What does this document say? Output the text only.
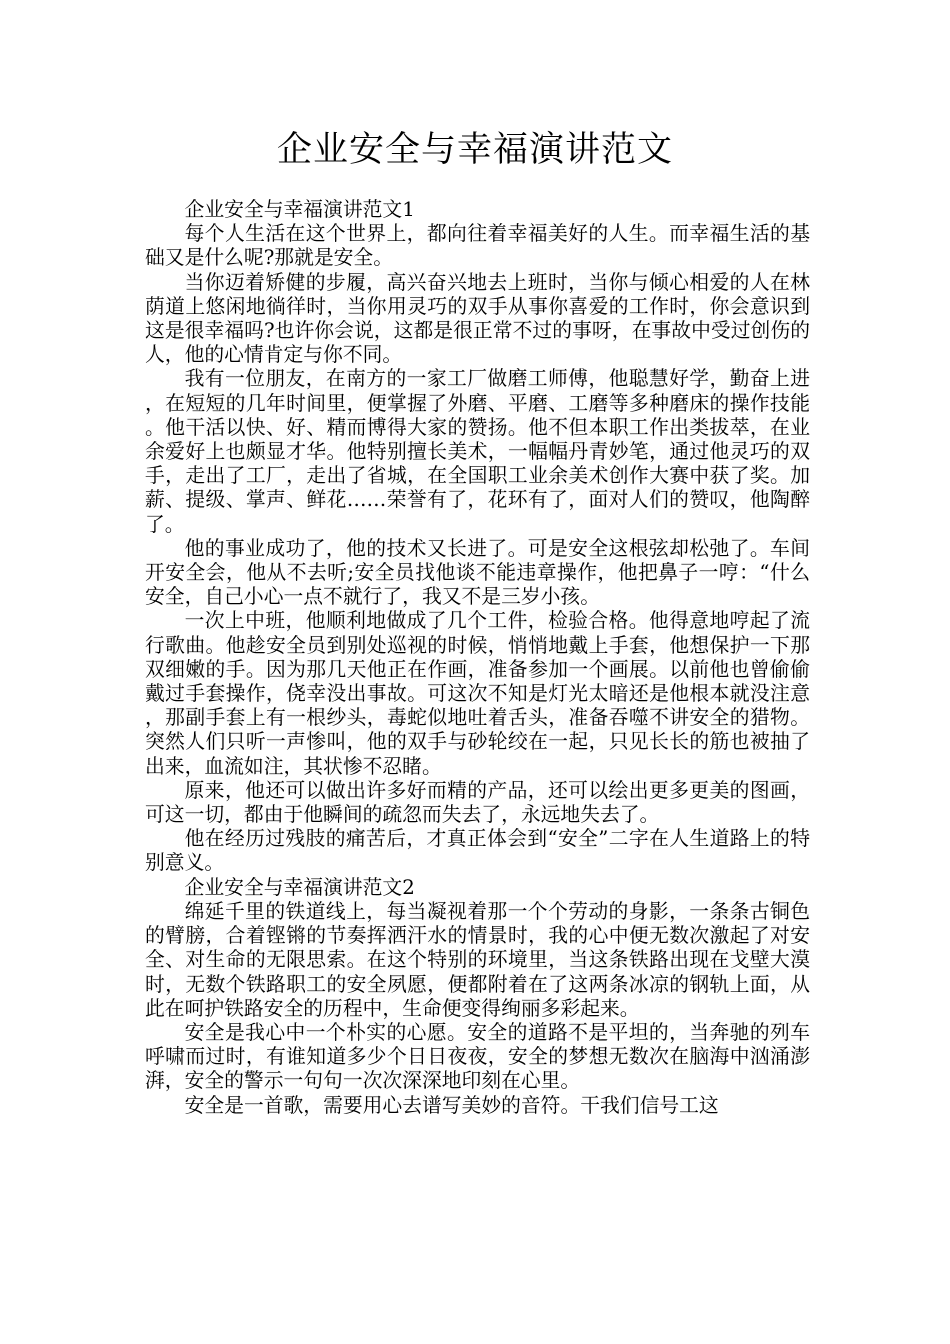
企业安全与幸福演讲范文

企业安全与幸福演讲范文1

每个人生活在这个世界上，都向往着幸福美好的人生。而幸福生活的基础又是什么呢?那就是安全。

当你迈着矫健的步履，高兴奋兴地去上班时，当你与倾心相爱的人在林荫道上悠闲地徜徉时，当你用灵巧的双手从事你喜爱的工作时，你会意识到这是很幸福吗?也许你会说，这都是很正常不过的事呀，在事故中受过创伤的人，他的心情肯定与你不同。

我有一位朋友，在南方的一家工厂做磨工师傅，他聪慧好学，勤奋上进，在短短的几年时间里，便掌握了外磨、平磨、工磨等多种磨床的操作技能。他干活以快、好、精而博得大家的赞扬。他不但本职工作出类拔萃，在业余爱好上也颇显才华。他特别擅长美术，一幅幅丹青妙笔，通过他灵巧的双手，走出了工厂，走出了省城，在全国职工业余美术创作大赛中获了奖。加薪、提级、掌声、鲜花……荣誉有了，花环有了，面对人们的赞叹，他陶醉了。

他的事业成功了，他的技术又长进了。可是安全这根弦却松弛了。车间开安全会，他从不去听;安全员找他谈不能违章操作，他把鼻子一哼：“什么安全，自己小心一点不就行了，我又不是三岁小孩。

一次上中班，他顺利地做成了几个工件，检验合格。他得意地哼起了流行歌曲。他趁安全员到别处巡视的时候，悄悄地戴上手套，他想保护一下那双细嫩的手。因为那几天他正在作画，准备参加一个画展。以前他也曾偷偷戴过手套操作，侥幸没出事故。可这次不知是灯光太暗还是他根本就没注意，那副手套上有一根纱头，毒蛇似地吐着舌头，准备吞噬不讲安全的猎物。突然人们只听一声惨叫，他的双手与砂轮绞在一起，只见长长的筋也被抽了出来，血流如注，其状惨不忍睹。

原来，他还可以做出许多好而精的产品，还可以绘出更多更美的图画，可这一切，都由于他瞬间的疏忽而失去了，永远地失去了。

他在经历过残肢的痛苦后，才真正体会到“安全”二字在人生道路上的特别意义。

企业安全与幸福演讲范文2

绵延千里的铁道线上，每当凝视着那一个个劳动的身影，一条条古铜色的臂膀，合着铿锵的节奏挥洒汗水的情景时，我的心中便无数次激起了对安全、对生命的无限思索。在这个特别的环境里，当这条铁路出现在戈壁大漠时，无数个铁路职工的安全夙愿，便都附着在了这两条冰凉的钢轨上面，从此在呵护铁路安全的历程中，生命便变得绚丽多彩起来。

安全是我心中一个朴实的心愿。安全的道路不是平坦的，当奔驰的列车呼啸而过时，有谁知道多少个日日夜夜，安全的梦想无数次在脑海中汹涌澎湃，安全的警示一句句一次次深深地印刻在心里。

安全是一首歌，需要用心去谱写美妙的音符。干我们信号工这
